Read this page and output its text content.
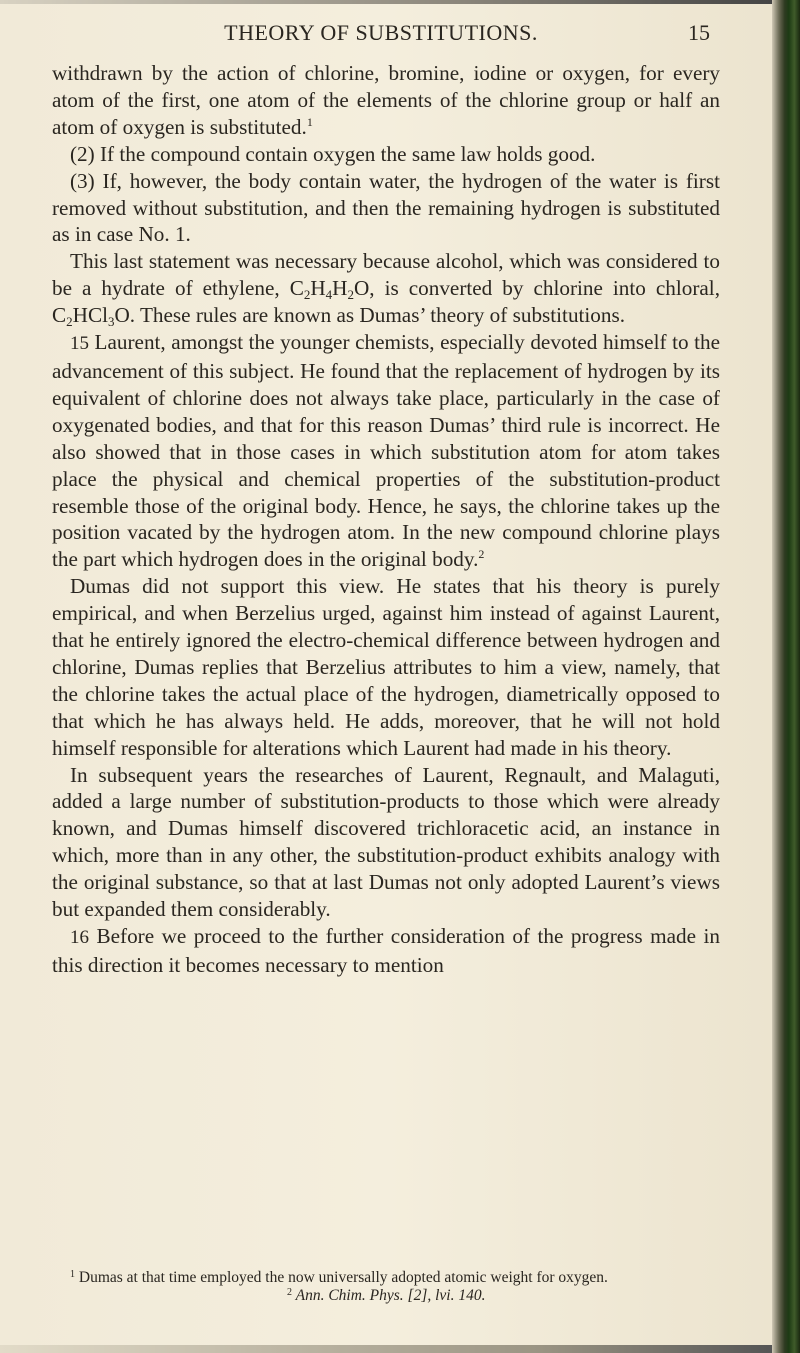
THEORY OF SUBSTITUTIONS.	15

withdrawn by the action of chlorine, bromine, iodine or oxygen, for every atom of the first, one atom of the elements of the chlorine group or half an atom of oxygen is substituted.$^1$

(2) If the compound contain oxygen the same law holds good.

(3) If, however, the body contain water, the hydrogen of the water is first removed without substitution, and then the remaining hydrogen is substituted as in case No. 1.

This last statement was necessary because alcohol, which was considered to be a hydrate of ethylene, $C_2H_4H_2O$, is converted by chlorine into chloral, $C_2HCl_3O$. These rules are known as Dumas’ theory of substitutions.

15 Laurent, amongst the younger chemists, especially devoted himself to the advancement of this subject. He found that the replacement of hydrogen by its equivalent of chlorine does not always take place, particularly in the case of oxygenated bodies, and that for this reason Dumas’ third rule is incorrect. He also showed that in those cases in which substitution atom for atom takes place the physical and chemical properties of the substitution-product resemble those of the original body. Hence, he says, the chlorine takes up the position vacated by the hydrogen atom. In the new compound chlorine plays the part which hydrogen does in the original body.$^2$

Dumas did not support this view. He states that his theory is purely empirical, and when Berzelius urged, against him instead of against Laurent, that he entirely ignored the electro-chemical difference between hydrogen and chlorine, Dumas replies that Berzelius attributes to him a view, namely, that the chlorine takes the actual place of the hydrogen, diametrically opposed to that which he has always held. He adds, moreover, that he will not hold himself responsible for alterations which Laurent had made in his theory.

In subsequent years the researches of Laurent, Regnault, and Malaguti, added a large number of substitution-products to those which were already known, and Dumas himself discovered trichloracetic acid, an instance in which, more than in any other, the substitution-product exhibits analogy with the original substance, so that at last Dumas not only adopted Laurent’s views but expanded them considerably.

16 Before we proceed to the further consideration of the progress made in this direction it becomes necessary to mention

$^1$ Dumas at that time employed the now universally adopted atomic weight for oxygen.
$^2$ Ann. Chim. Phys. [2], lvi. 140.
